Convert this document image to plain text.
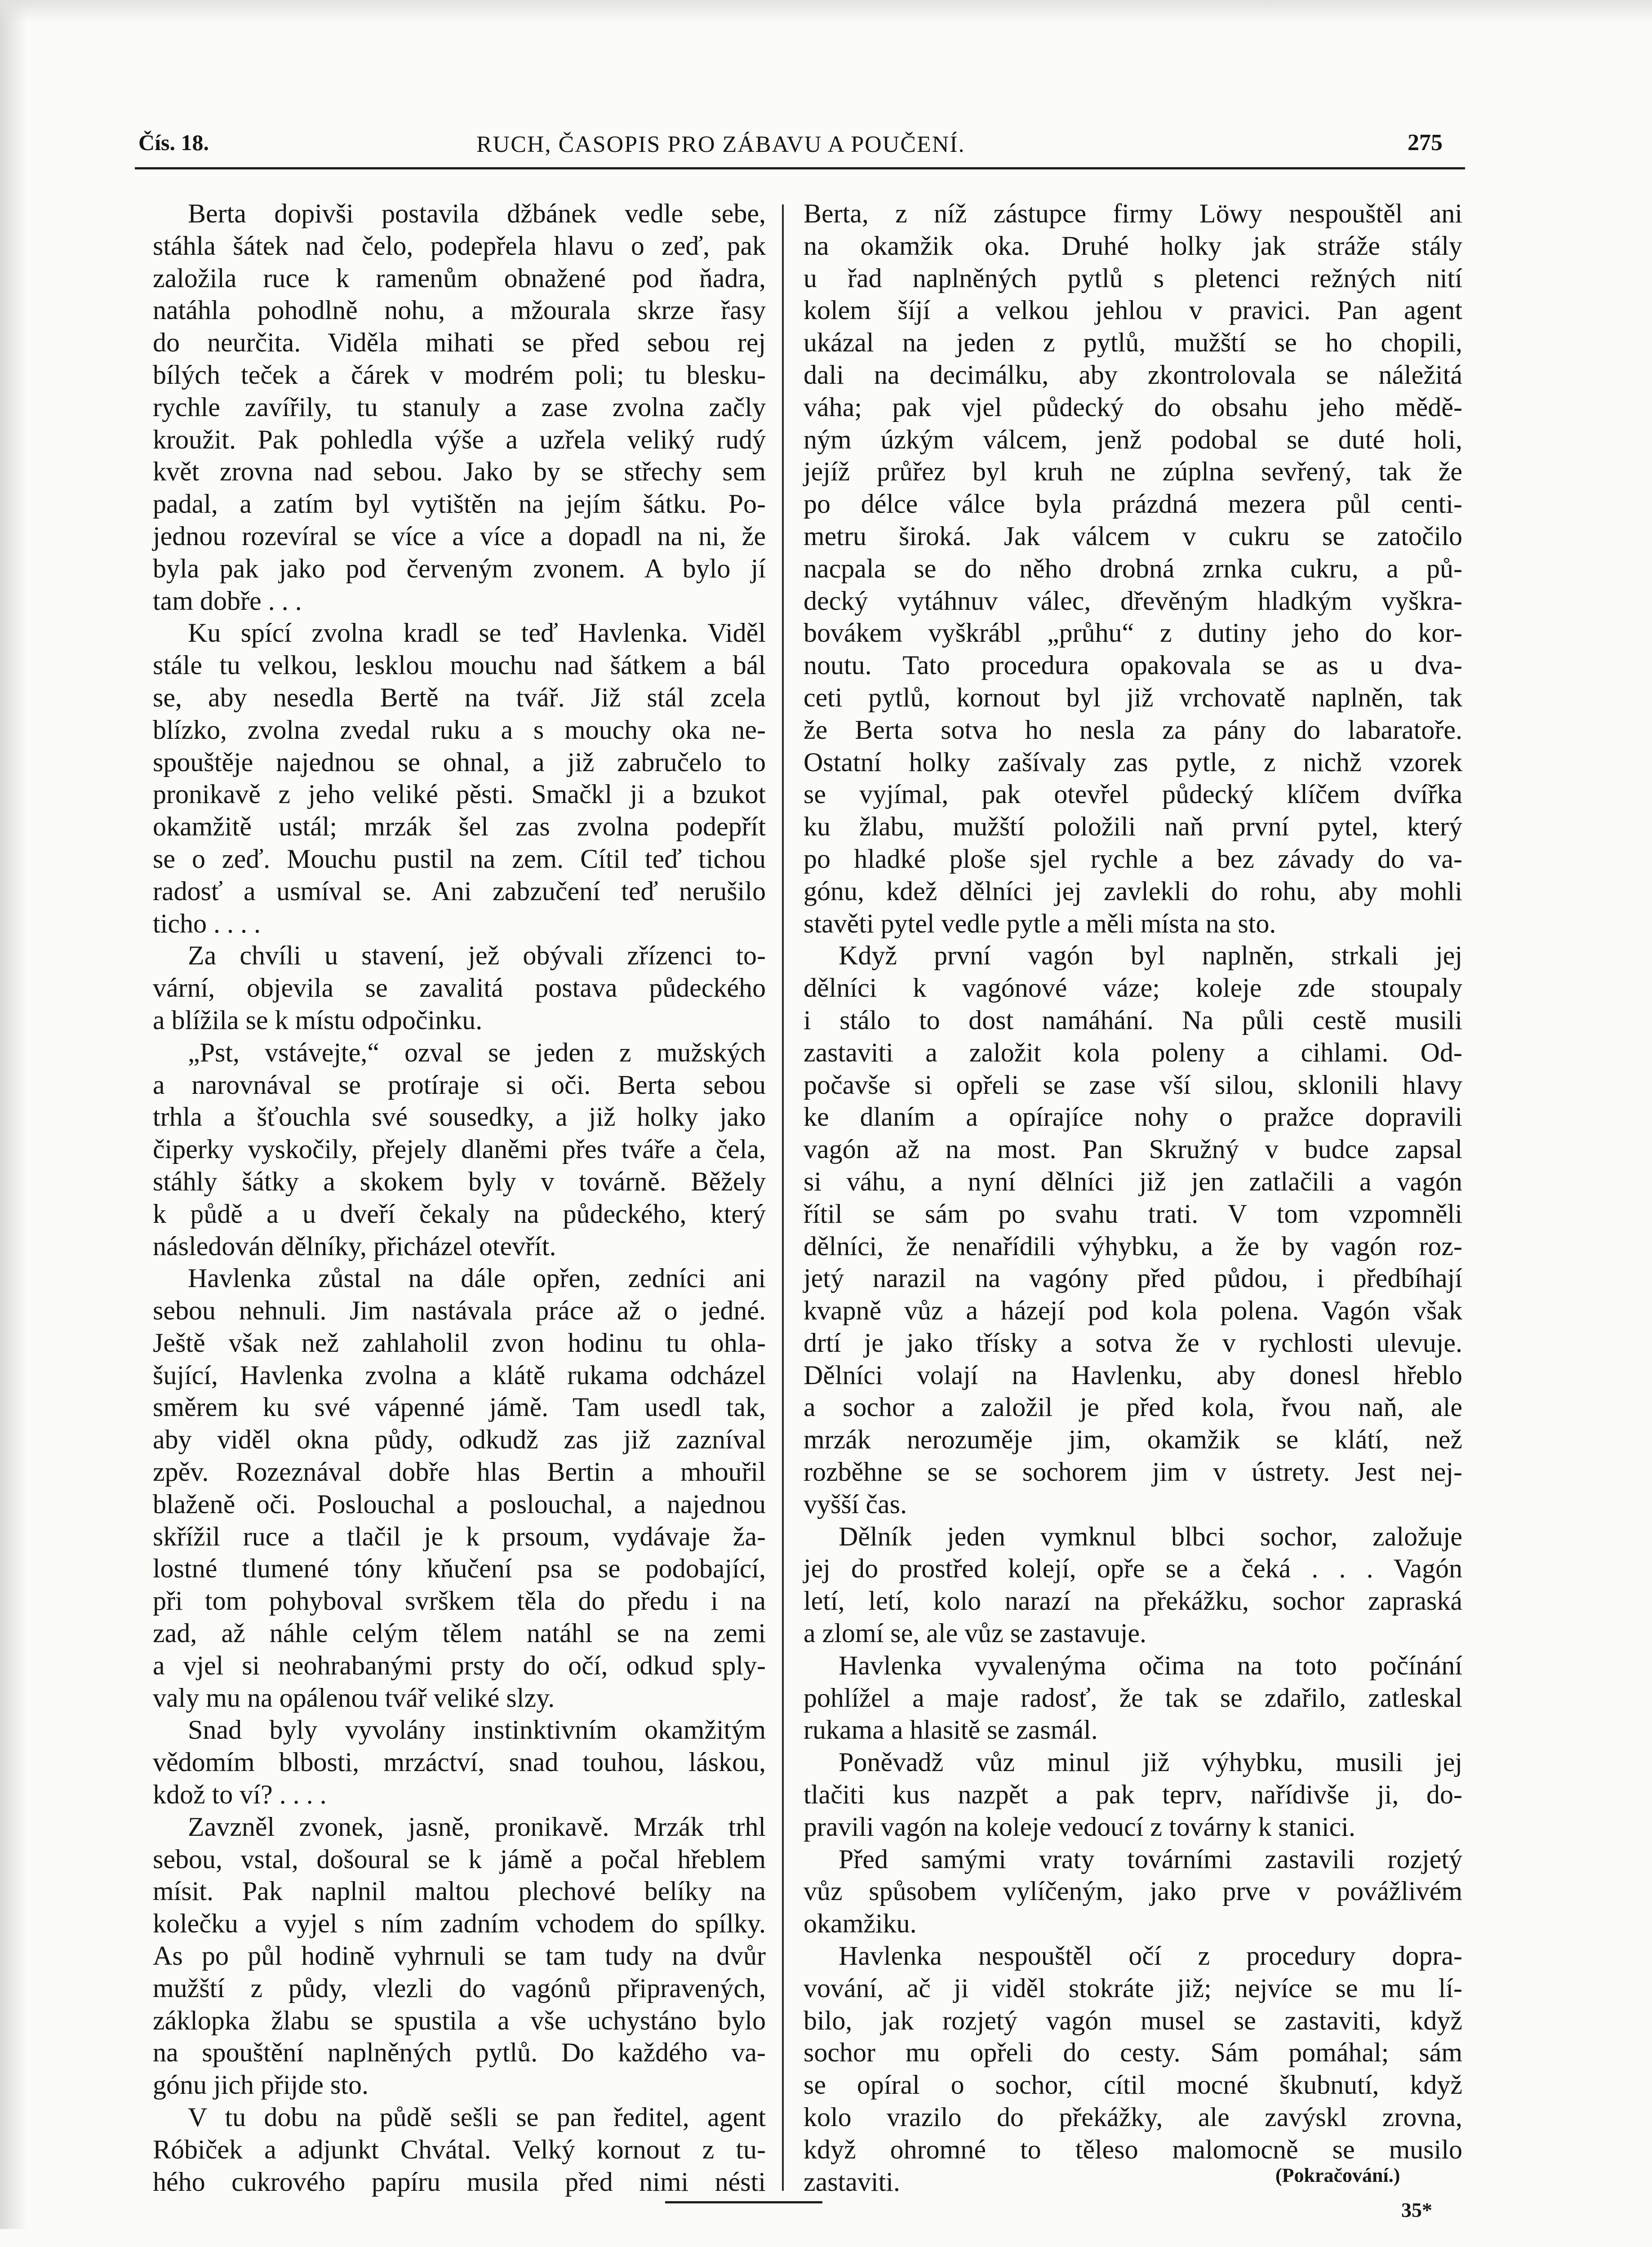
Čís. 18.	RUCH, ČASOPIS PRO ZÁBAVU A POUČENÍ.	275
Berta dopivši postavila džbánek vedle sebe,
stáhla šátek nad čelo, podepřela hlavu o zeď, pak
založila ruce k ramenům obnažené pod ňadra,
natáhla pohodlně nohu, a mžourala skrze řasy
do neurčita. Viděla mihati se před sebou rej
bílých teček a čárek v modrém poli; tu blesku-
rychle zavířily, tu stanuly a zase zvolna začly
kroužit. Pak pohledla výše a uzřela veliký rudý
květ zrovna nad sebou. Jako by se střechy sem
padal, a zatím byl vytištěn na jejím šátku. Po-
jednou rozevíral se více a více a dopadl na ni, že
byla pak jako pod červeným zvonem. A bylo jí
tam dobře . . .
Ku spící zvolna kradl se teď Havlenka. Viděl
stále tu velkou, lesklou mouchu nad šátkem a bál
se, aby nesedla Bertě na tvář. Již stál zcela
blízko, zvolna zvedal ruku a s mouchy oka ne-
spouštěje najednou se ohnal, a již zabručelo to
pronikavě z jeho veliké pěsti. Smačkl ji a bzukot
okamžitě ustál; mrzák šel zas zvolna podepřít
se o zeď. Mouchu pustil na zem. Cítil teď tichou
radosť a usmíval se. Ani zabzučení teď nerušilo
ticho . . . .
Za chvíli u stavení, jež obývali zřízenci to-
vární, objevila se zavalitá postava půdeckého
a blížila se k místu odpočinku.
„Pst, vstávejte,“ ozval se jeden z mužských
a narovnával se protíraje si oči. Berta sebou
trhla a šťouchla své sousedky, a již holky jako
čiperky vyskočily, přejely dlaněmi přes tváře a čela,
stáhly šátky a skokem byly v továrně. Běžely
k půdě a u dveří čekaly na půdeckého, který
následován dělníky, přicházel otevřít.
Havlenka zůstal na dále opřen, zedníci ani
sebou nehnuli. Jim nastávala práce až o jedné.
Ještě však než zahlaholil zvon hodinu tu ohla-
šující, Havlenka zvolna a klátě rukama odcházel
směrem ku své vápenné jámě. Tam usedl tak,
aby viděl okna půdy, odkudž zas již zazníval
zpěv. Rozeznával dobře hlas Bertin a mhouřil
blaženě oči. Poslouchal a poslouchal, a najednou
skřížil ruce a tlačil je k prsoum, vydávaje ža-
lostné tlumené tóny kňučení psa se podobající,
při tom pohyboval svrškem těla do předu i na
zad, až náhle celým tělem natáhl se na zemi
a vjel si neohrabanými prsty do očí, odkud sply-
valy mu na opálenou tvář veliké slzy.
Snad byly vyvolány instinktivním okamžitým
vědomím blbosti, mrzáctví, snad touhou, láskou,
kdož to ví? . . . .
Zavzněl zvonek, jasně, pronikavě. Mrzák trhl
sebou, vstal, došoural se k jámě a počal hřeblem
mísit. Pak naplnil maltou plechové belíky na
kolečku a vyjel s ním zadním vchodem do spílky.
As po půl hodině vyhrnuli se tam tudy na dvůr
mužští z půdy, vlezli do vagónů připravených,
záklopka žlabu se spustila a vše uchystáno bylo
na spouštění naplněných pytlů. Do každého va-
gónu jich přijde sto.
V tu dobu na půdě sešli se pan ředitel, agent
Róbiček a adjunkt Chvátal. Velký kornout z tu-
hého cukrového papíru musila před nimi nésti
Berta, z níž zástupce firmy Löwy nespouštěl ani
na okamžik oka. Druhé holky jak stráže stály
u řad naplněných pytlů s pletenci režných nití
kolem šíjí a velkou jehlou v pravici. Pan agent
ukázal na jeden z pytlů, mužští se ho chopili,
dali na decimálku, aby zkontrolovala se náležitá
váha; pak vjel půdecký do obsahu jeho mědě-
ným úzkým válcem, jenž podobal se duté holi,
jejíž průřez byl kruh ne zúplna sevřený, tak že
po délce válce byla prázdná mezera půl centi-
metru široká. Jak válcem v cukru se zatočilo
nacpala se do něho drobná zrnka cukru, a pů-
decký vytáhnuv válec, dřevěným hladkým vyškra-
bovákem vyškrábl „průhu“ z dutiny jeho do kor-
noutu. Tato procedura opakovala se as u dva-
ceti pytlů, kornout byl již vrchovatě naplněn, tak
že Berta sotva ho nesla za pány do labaratoře.
Ostatní holky zašívaly zas pytle, z nichž vzorek
se vyjímal, pak otevřel půdecký klíčem dvířka
ku žlabu, mužští položili naň první pytel, který
po hladké ploše sjel rychle a bez závady do va-
gónu, kdež dělníci jej zavlekli do rohu, aby mohli
stavěti pytel vedle pytle a měli místa na sto.
Když první vagón byl naplněn, strkali jej
dělníci k vagónové váze; koleje zde stoupaly
i stálo to dost namáhání. Na půli cestě musili
zastaviti a založit kola poleny a cihlami. Od-
počavše si opřeli se zase vší silou, sklonili hlavy
ke dlaním a opírajíce nohy o pražce dopravili
vagón až na most. Pan Skružný v budce zapsal
si váhu, a nyní dělníci již jen zatlačili a vagón
řítil se sám po svahu trati. V tom vzpomněli
dělníci, že nenařídili výhybku, a že by vagón roz-
jetý narazil na vagóny před půdou, i předbíhají
kvapně vůz a házejí pod kola polena. Vagón však
drtí je jako třísky a sotva že v rychlosti ulevuje.
Dělníci volají na Havlenku, aby donesl hřeblo
a sochor a založil je před kola, řvou naň, ale
mrzák nerozuměje jim, okamžik se klátí, než
rozběhne se se sochorem jim v ústrety. Jest nej-
vyšší čas.
Dělník jeden vymknul blbci sochor, založuje
jej do prostřed kolejí, opře se a čeká . . . Vagón
letí, letí, kolo narazí na překážku, sochor zapraská
a zlomí se, ale vůz se zastavuje.
Havlenka vyvalenýma očima na toto počínání
pohlížel a maje radosť, že tak se zdařilo, zatleskal
rukama a hlasitě se zasmál.
Poněvadž vůz minul již výhybku, musili jej
tlačiti kus nazpět a pak teprv, nařídivše ji, do-
pravili vagón na koleje vedoucí z továrny k stanici.
Před samými vraty továrními zastavili rozjetý
vůz spůsobem vylíčeným, jako prve v povážlivém
okamžiku.
Havlenka nespouštěl očí z procedury dopra-
vování, ač ji viděl stokráte již; nejvíce se mu lí-
bilo, jak rozjetý vagón musel se zastaviti, když
sochor mu opřeli do cesty. Sám pomáhal; sám
se opíral o sochor, cítil mocné škubnutí, když
kolo vrazilo do překážky, ale zavýskl zrovna,
když ohromné to těleso malomocně se musilo
zastaviti.	(Pokračování.)
35*
